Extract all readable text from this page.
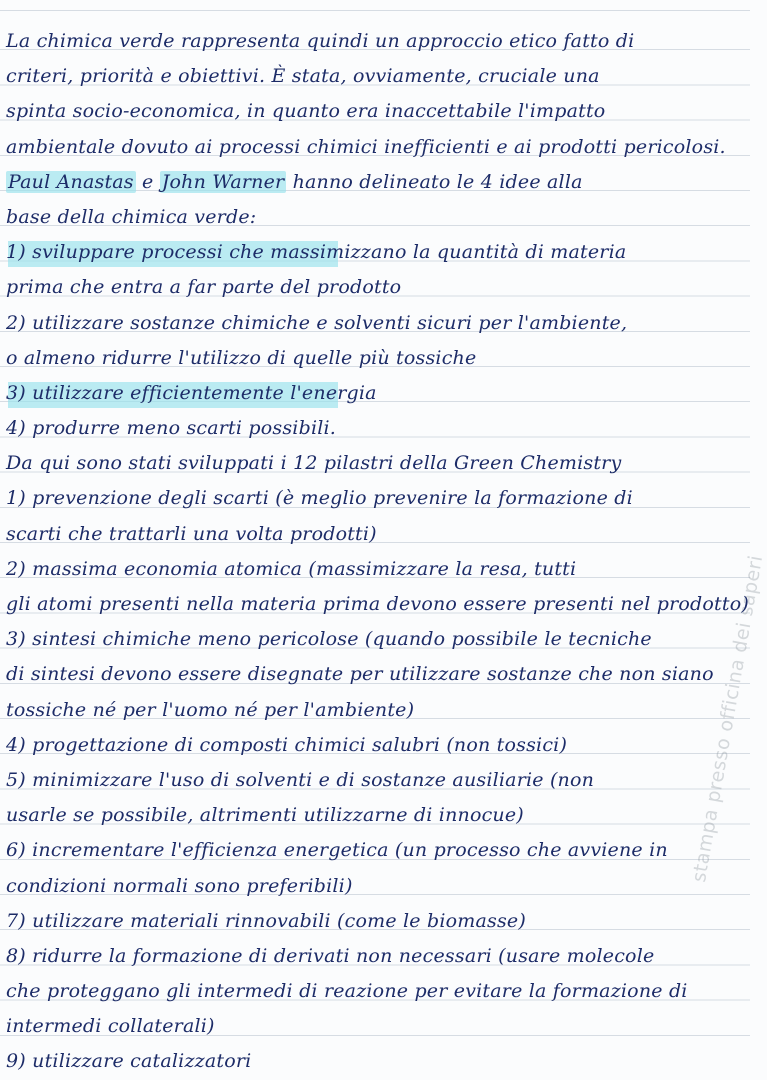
La chimica verde rappresenta quindi un approccio etico fatto di
criteri, priorità e obiettivi. È stata, ovviamente, cruciale una
spinta socio-economica, in quanto era inaccettabile l'impatto
ambientale dovuto ai processi chimici inefficienti e ai prodotti pericolosi.
Paul Anastas e John Warner hanno delineato le 4 idee alla
base della chimica verde:
1) sviluppare processi che massimizzano la quantità di materia
prima che entra a far parte del prodotto
2) utilizzare sostanze chimiche e solventi sicuri per l'ambiente,
o almeno ridurre l'utilizzo di quelle più tossiche
3) utilizzare efficientemente l'energia
4) produrre meno scarti possibili.
Da qui sono stati sviluppati i 12 pilastri della Green Chemistry
1) prevenzione degli scarti (è meglio prevenire la formazione di
scarti che trattarli una volta prodotti)
2) massima economia atomica (massimizzare la resa, tutti
gli atomi presenti nella materia prima devono essere presenti nel prodotto)
3) sintesi chimiche meno pericolose (quando possibile le tecniche
di sintesi devono essere disegnate per utilizzare sostanze che non siano
tossiche né per l'uomo né per l'ambiente)
4) progettazione di composti chimici salubri (non tossici)
5) minimizzare l'uso di solventi e di sostanze ausiliarie (non
usarle se possibile, altrimenti utilizzarne di innocue)
6) incrementare l'efficienza energetica (un processo che avviene in
condizioni normali sono preferibili)
7) utilizzare materiali rinnovabili (come le biomasse)
8) ridurre la formazione di derivati non necessari (usare molecole
che proteggano gli intermedi di reazione per evitare la formazione di
intermedi collaterali)
9) utilizzare catalizzatori
stampa presso officina dei saperi
